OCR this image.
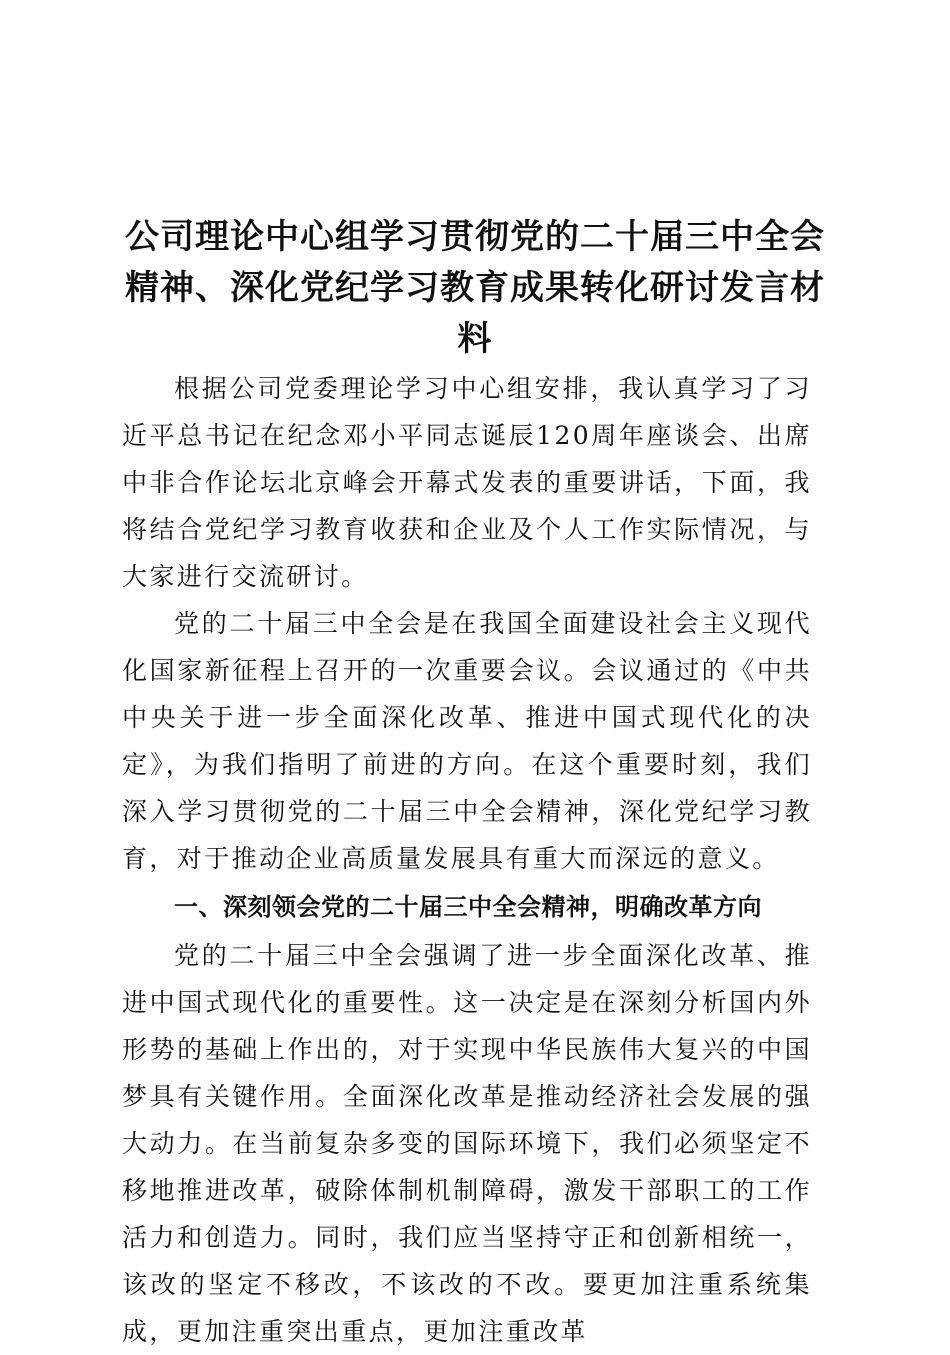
公司理论中心组学习贯彻党的二十届三中全会
精神、深化党纪学习教育成果转化研讨发言材
料

根据公司党委理论学习中心组安排，我认真学习了习近平总书记在纪念邓小平同志诞辰120周年座谈会、出席中非合作论坛北京峰会开幕式发表的重要讲话，下面，我将结合党纪学习教育收获和企业及个人工作实际情况，与大家进行交流研讨。

党的二十届三中全会是在我国全面建设社会主义现代化国家新征程上召开的一次重要会议。会议通过的《中共中央关于进一步全面深化改革、推进中国式现代化的决定》，为我们指明了前进的方向。在这个重要时刻，我们深入学习贯彻党的二十届三中全会精神，深化党纪学习教育，对于推动企业高质量发展具有重大而深远的意义。

一、深刻领会党的二十届三中全会精神，明确改革方向

党的二十届三中全会强调了进一步全面深化改革、推进中国式现代化的重要性。这一决定是在深刻分析国内外形势的基础上作出的，对于实现中华民族伟大复兴的中国梦具有关键作用。全面深化改革是推动经济社会发展的强大动力。在当前复杂多变的国际环境下，我们必须坚定不移地推进改革，破除体制机制障碍，激发干部职工的工作活力和创造力。同时，我们应当坚持守正和创新相统一，该改的坚定不移改，不该改的不改。要更加注重系统集成，更加注重突出重点，更加注重改革
